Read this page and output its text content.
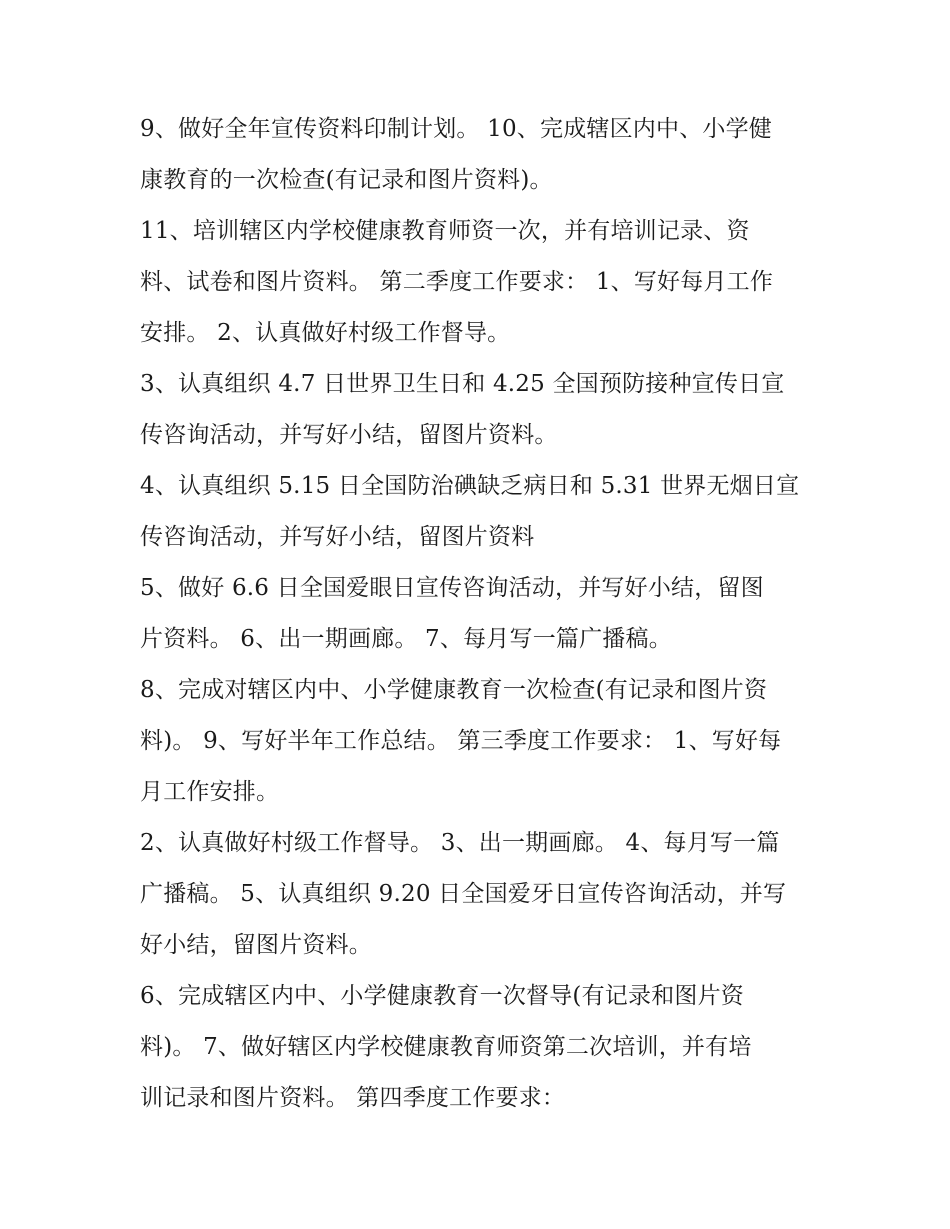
9、做好全年宣传资料印制计划。 10、完成辖区内中、小学健
康教育的一次检查(有记录和图片资料)。
11、培训辖区内学校健康教育师资一次，并有培训记录、资
料、试卷和图片资料。 第二季度工作要求： 1、写好每月工作
安排。 2、认真做好村级工作督导。
3、认真组织 4.7 日世界卫生日和 4.25 全国预防接种宣传日宣
传咨询活动，并写好小结，留图片资料。
4、认真组织 5.15 日全国防治碘缺乏病日和 5.31 世界无烟日宣
传咨询活动，并写好小结，留图片资料
5、做好 6.6 日全国爱眼日宣传咨询活动，并写好小结，留图
片资料。 6、出一期画廊。 7、每月写一篇广播稿。
8、完成对辖区内中、小学健康教育一次检查(有记录和图片资
料)。 9、写好半年工作总结。 第三季度工作要求： 1、写好每
月工作安排。
2、认真做好村级工作督导。 3、出一期画廊。 4、每月写一篇
广播稿。 5、认真组织 9.20 日全国爱牙日宣传咨询活动，并写
好小结，留图片资料。
6、完成辖区内中、小学健康教育一次督导(有记录和图片资
料)。 7、做好辖区内学校健康教育师资第二次培训，并有培
训记录和图片资料。 第四季度工作要求：
